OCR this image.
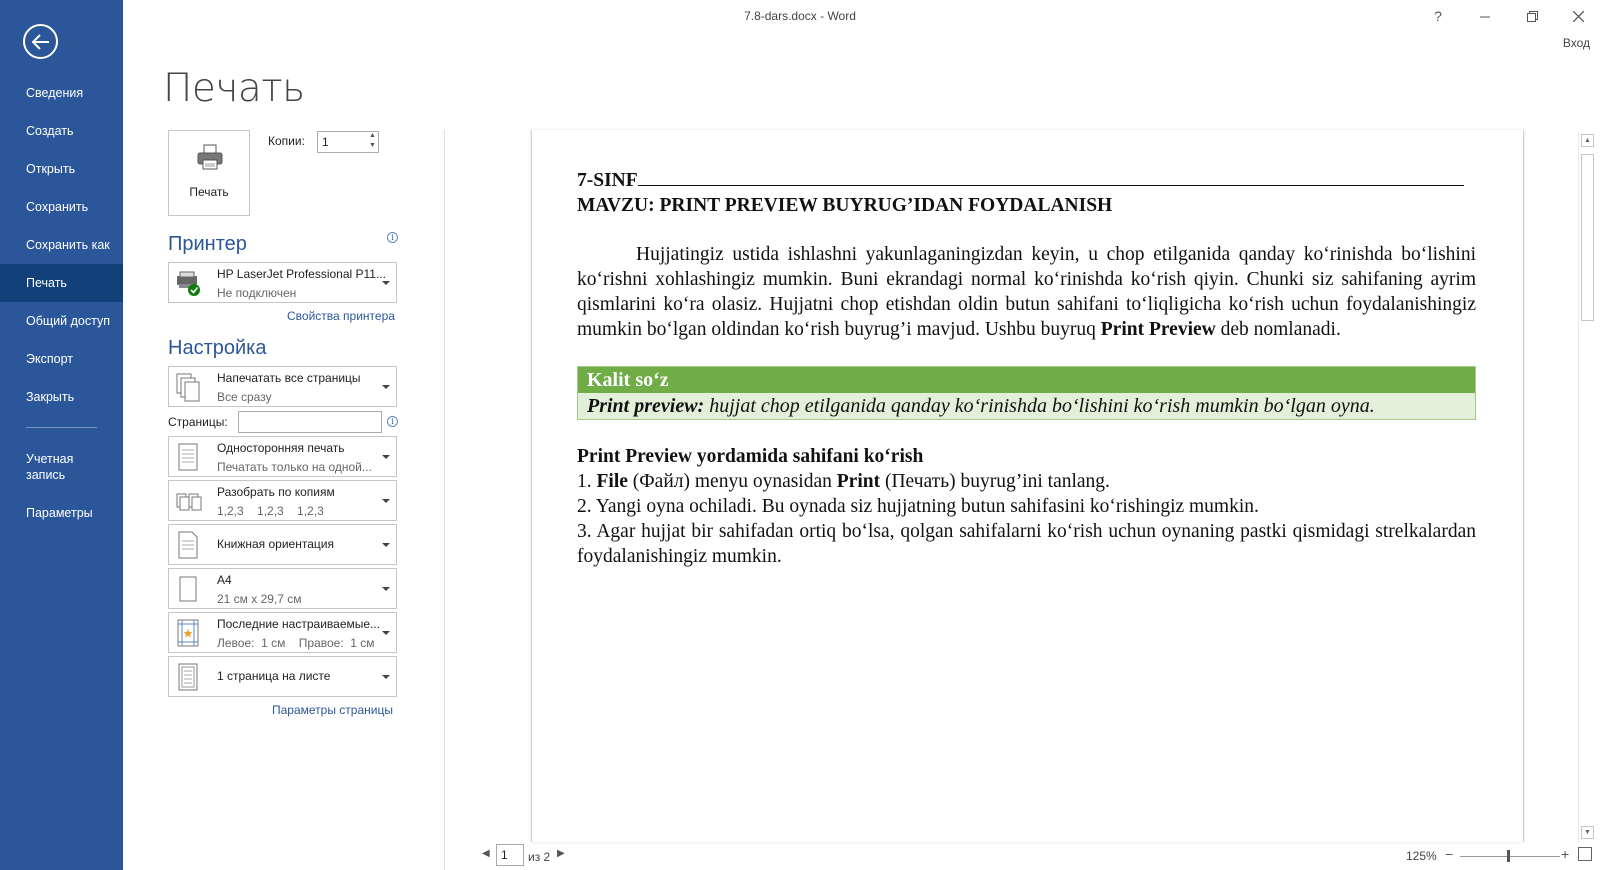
Сведения
Создать
Открыть
Сохранить
Сохранить как
Печать
Общий доступ
Экспорт
Закрыть
Учетная
запись
Параметры
7.8-dars.docx - Word	?
Вход
Печать
Печать
Копии:	1	▲
▼
Принтер	i
HP LaserJet Professional P11...
Не подключен
Свойства принтера
Настройка
Напечатать все страницы
Все сразу
Страницы:	i
Односторонняя печать
Печатать только на одной...
Разобрать по копиям
1,2,3    1,2,3    1,2,3
Книжная ориентация
A4
21 см x 29,7 см
Последние настраиваемые...
Левое:  1 см    Правое:  1 см
1 страница на листе
Параметры страницы
7-SINF
MAVZU: PRINT PREVIEW BUYRUG’IDAN FOYDALANISH

Hujjatingiz ustida ishlashni yakunlaganingizdan keyin, u chop etilganida qanday ko‘rinishda bo‘lishini ko‘rishni xohlashingiz mumkin. Buni ekrandagi normal ko‘rinishda ko‘rish qiyin. Chunki siz sahifaning ayrim qismlarini ko‘ra olasiz. Hujjatni chop etishdan oldin butun sahifani to‘liqligicha ko‘rish uchun foydalanishingiz mumkin bo‘lgan oldindan ko‘rish buyrug’i mavjud. Ushbu buyruq Print Preview deb nomlanadi.

Kalit so‘z
Print preview: hujjat chop etilganida qanday ko‘rinishda bo‘lishini ko‘rish mumkin bo‘lgan oyna.
Print Preview yordamida sahifani ko‘rish

1. File (Файл) menyu oynasidan Print (Печать) buyrug’ini tanlang.

2. Yangi oyna ochiladi. Bu oynada siz hujjatning butun sahifasini ko‘rishingiz mumkin.

3. Agar hujjat bir sahifadan ortiq bo‘lsa, qolgan sahifalarni ko‘rish uchun oynaning pastki qismidagi strelkalardan foydalanishingiz mumkin.

▲
▼
◀ 1	из 2 ▶	125% −	+
